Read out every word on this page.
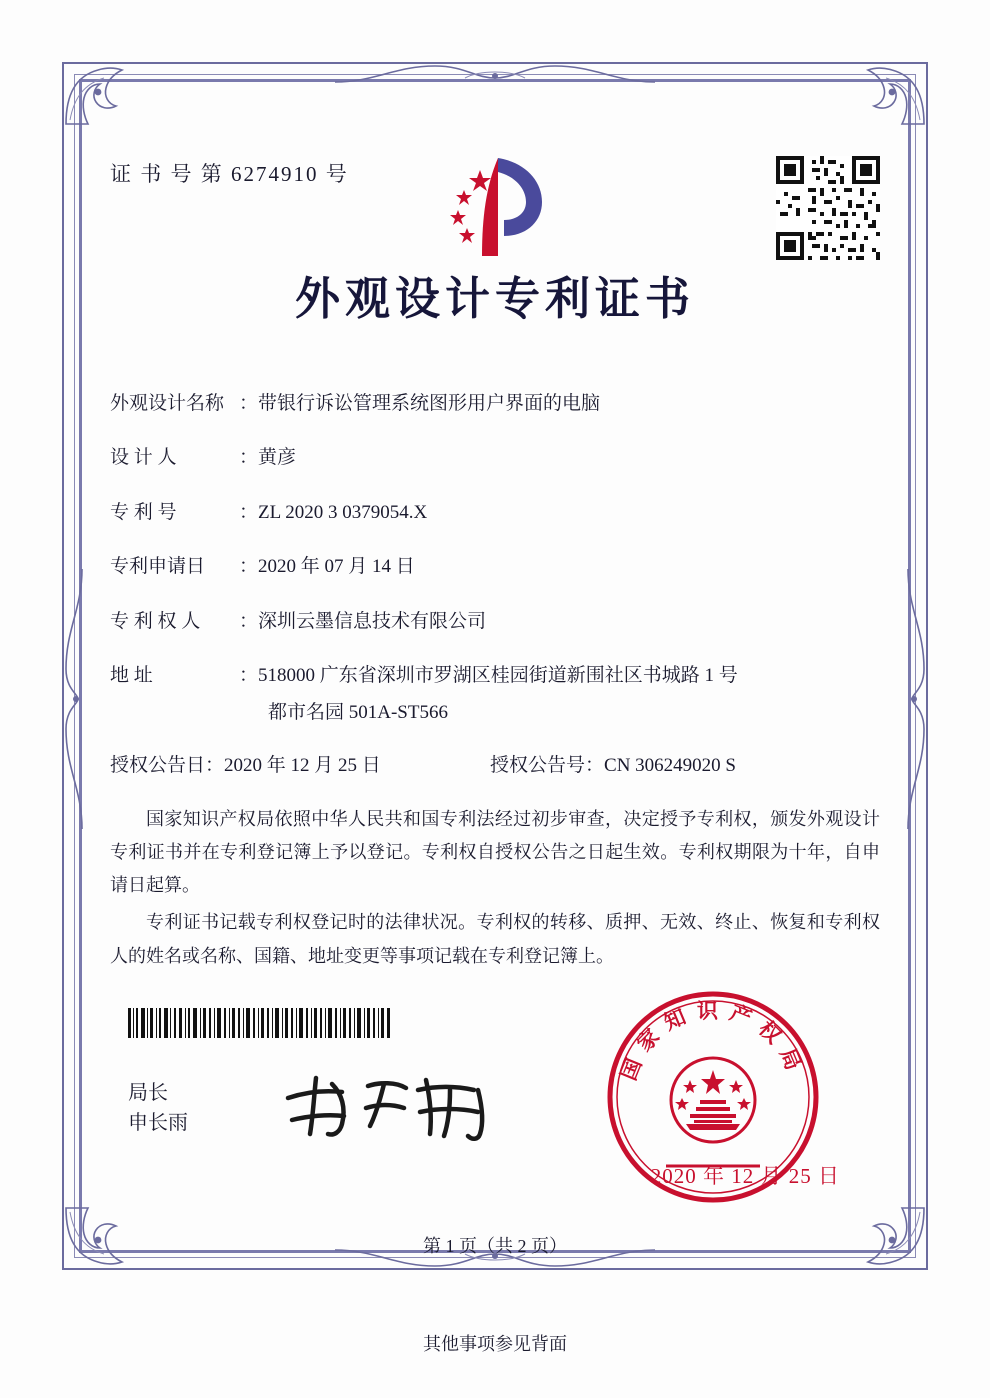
证 书 号 第 6274910 号
外观设计专利证书
外观设计名称 ： 带银行诉讼管理系统图形用户界面的电脑
设 计 人	： 黄彦
专 利 号	： ZL 2020 3 0379054.X
专利申请日 ： 2020 年 07 月 14 日
专 利 权 人 ： 深圳云墨信息技术有限公司
地 址	： 518000 广东省深圳市罗湖区桂园街道新围社区书城路 1 号
都市名园 501A-ST566
授权公告日：2020 年 12 月 25 日	授权公告号：CN 306249020 S

国家知识产权局依照中华人民共和国专利法经过初步审查，决定授予专利权，颁发外观设计专利证书并在专利登记簿上予以登记。专利权自授权公告之日起生效。专利权期限为十年，自申请日起算。

专利证书记载专利权登记时的法律状况。专利权的转移、质押、无效、终止、恢复和专利权人的姓名或名称、国籍、地址变更等事项记载在专利登记簿上。

局长
申长雨
国家知识产权局
2020 年 12 月 25 日
第 1 页（共 2 页）
其他事项参见背面
